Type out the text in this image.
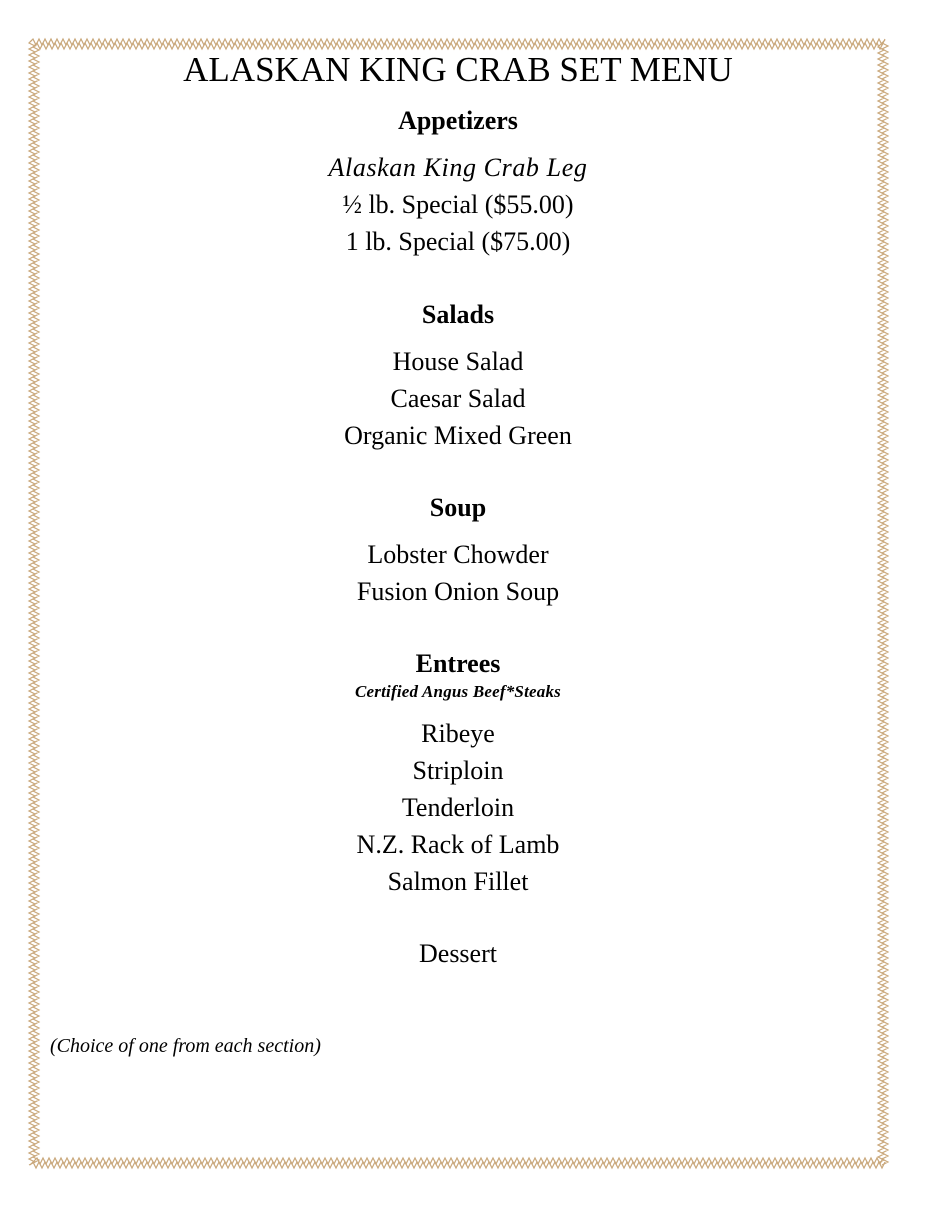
ALASKAN KING CRAB SET MENU
Appetizers
Alaskan King Crab Leg
½ lb. Special ($55.00)
1 lb. Special ($75.00)
Salads
House Salad
Caesar Salad
Organic Mixed Green
Soup
Lobster Chowder
Fusion Onion Soup
Entrees
Certified Angus Beef*Steaks
Ribeye
Striploin
Tenderloin
N.Z. Rack of Lamb
Salmon Fillet
Dessert
(Choice of one from each section)
